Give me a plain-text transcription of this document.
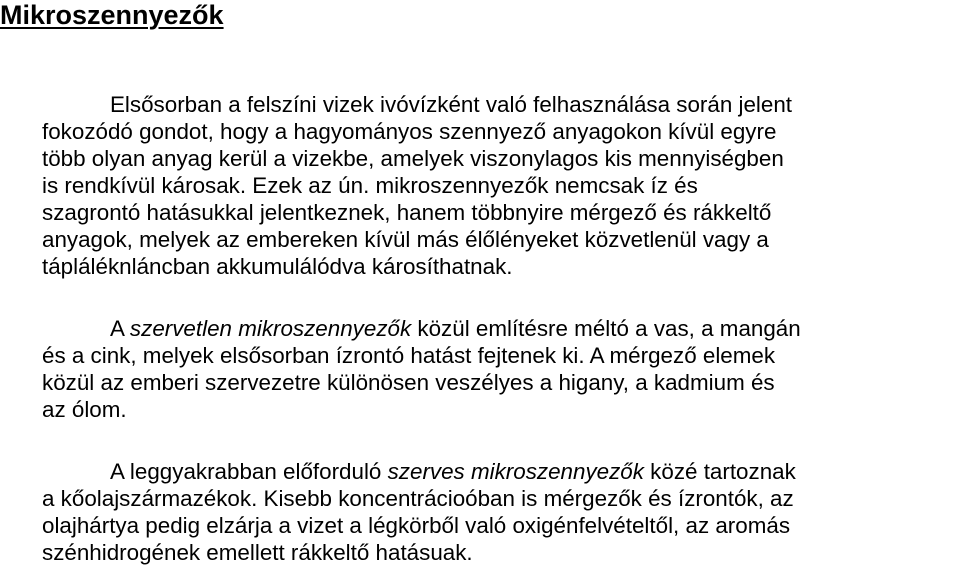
Mikroszennyezők

Elsősorban a felszíni vizek ivóvízként való felhasználása során jelent
fokozódó gondot, hogy a hagyományos szennyező anyagokon kívül egyre
több olyan anyag kerül a vizekbe, amelyek viszonylagos kis mennyiségben
is rendkívül károsak. Ezek az ún. mikroszennyezők nemcsak íz és
szagrontó hatásukkal jelentkeznek, hanem többnyire mérgező és rákkeltő
anyagok, melyek az embereken kívül más élőlényeket közvetlenül vagy a
tápláléknláncban akkumulálódva károsíthatnak.

A szervetlen mikroszennyezők közül említésre méltó a vas, a mangán
és a cink, melyek elsősorban ízrontó hatást fejtenek ki. A mérgező elemek
közül az emberi szervezetre különösen veszélyes a higany, a kadmium és
az ólom.

A leggyakrabban előforduló szerves mikroszennyezők közé tartoznak
a kőolajszármazékok. Kisebb koncentrácioóban is mérgezők és ízrontók, az
olajhártya pedig elzárja a vizet a légkörből való oxigénfelvételtől, az aromás
szénhidrogének emellett rákkeltő hatásuak.
